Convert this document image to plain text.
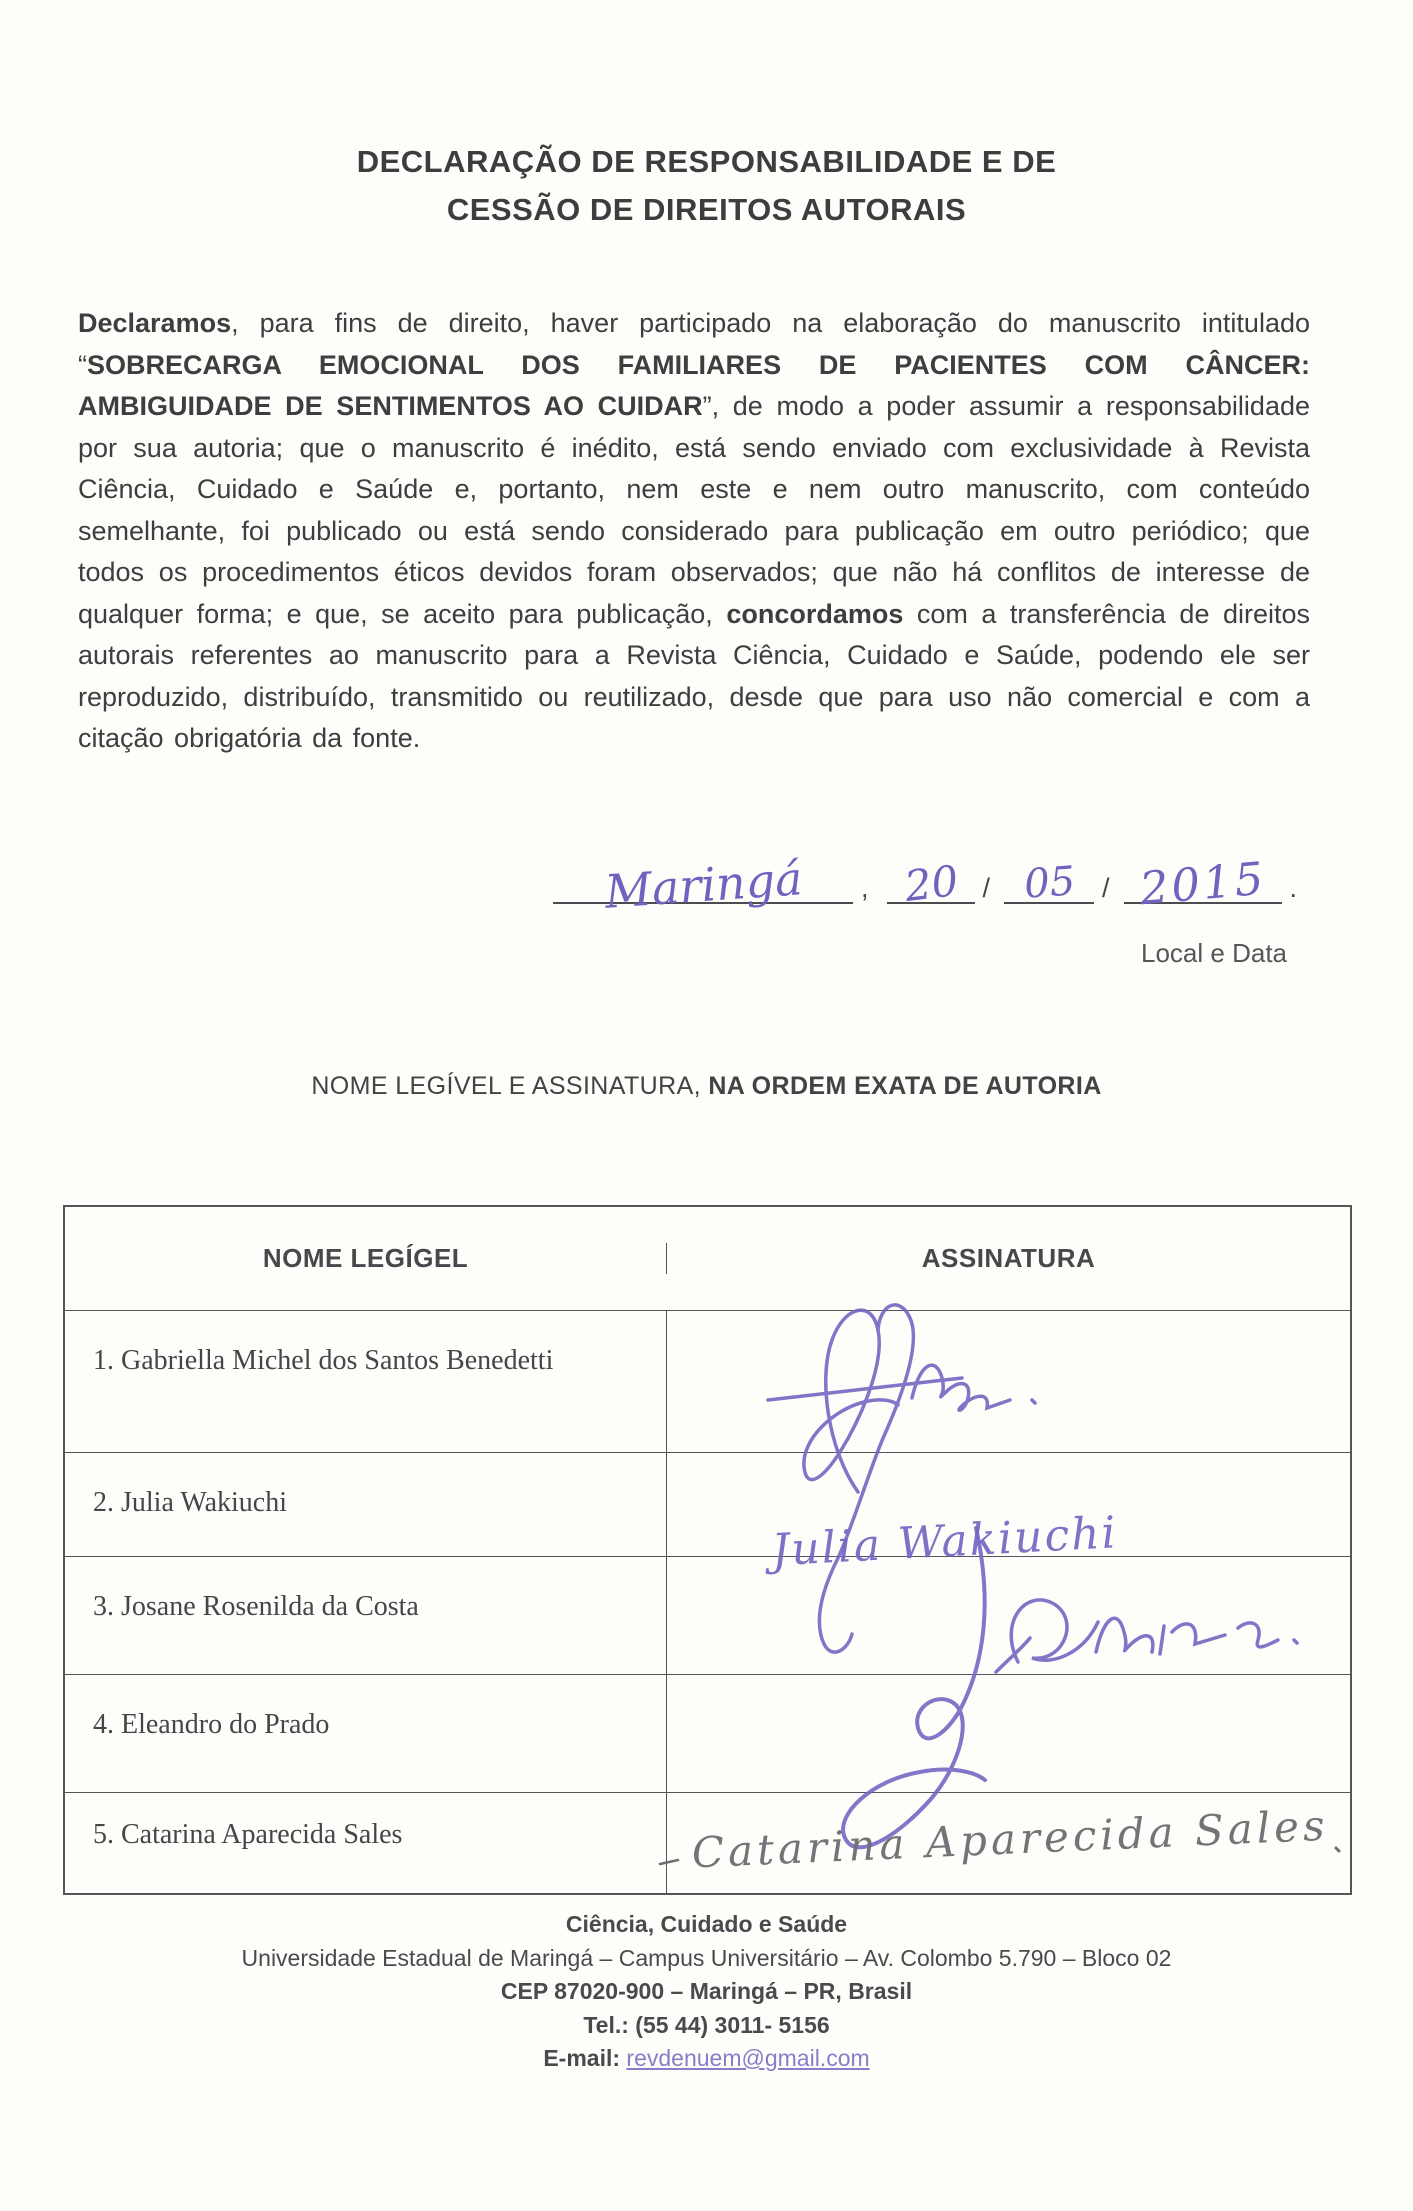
DECLARAÇÃO DE RESPONSABILIDADE E DE
CESSÃO DE DIREITOS AUTORAIS

Declaramos, para fins de direito, haver participado na elaboração do manuscrito intitulado “SOBRECARGA EMOCIONAL DOS FAMILIARES DE PACIENTES COM CÂNCER: AMBIGUIDADE DE SENTIMENTOS AO CUIDAR”, de modo a poder assumir a responsabilidade por sua autoria; que o manuscrito é inédito, está sendo enviado com exclusividade à Revista Ciência, Cuidado e Saúde e, portanto, nem este e nem outro manuscrito, com conteúdo semelhante, foi publicado ou está sendo considerado para publicação em outro periódico; que todos os procedimentos éticos devidos foram observados; que não há conflitos de interesse de qualquer forma; e que, se aceito para publicação, concordamos com a transferência de direitos autorais referentes ao manuscrito para a Revista Ciência, Cuidado e Saúde, podendo ele ser reproduzido, distribuído, transmitido ou reutilizado, desde que para uso não comercial e com a citação obrigatória da fonte.

Maringá , 20 / 05 / 2015 .
Local e Data
NOME LEGÍVEL E ASSINATURA, NA ORDEM EXATA DE AUTORIA
NOME LEGÍGEL	ASSINATURA
1. Gabriella Michel dos Santos Benedetti
2. Julia Wakiuchi
3. Josane Rosenilda da Costa
4. Eleandro do Prado
5. Catarina Aparecida Sales
Julia Wakiuchi
Catarina Aparecida Sales
Ciência, Cuidado e Saúde
Universidade Estadual de Maringá – Campus Universitário – Av. Colombo 5.790 – Bloco 02
CEP 87020-900 – Maringá – PR, Brasil
Tel.: (55 44) 3011- 5156
E-mail: revdenuem@gmail.com
